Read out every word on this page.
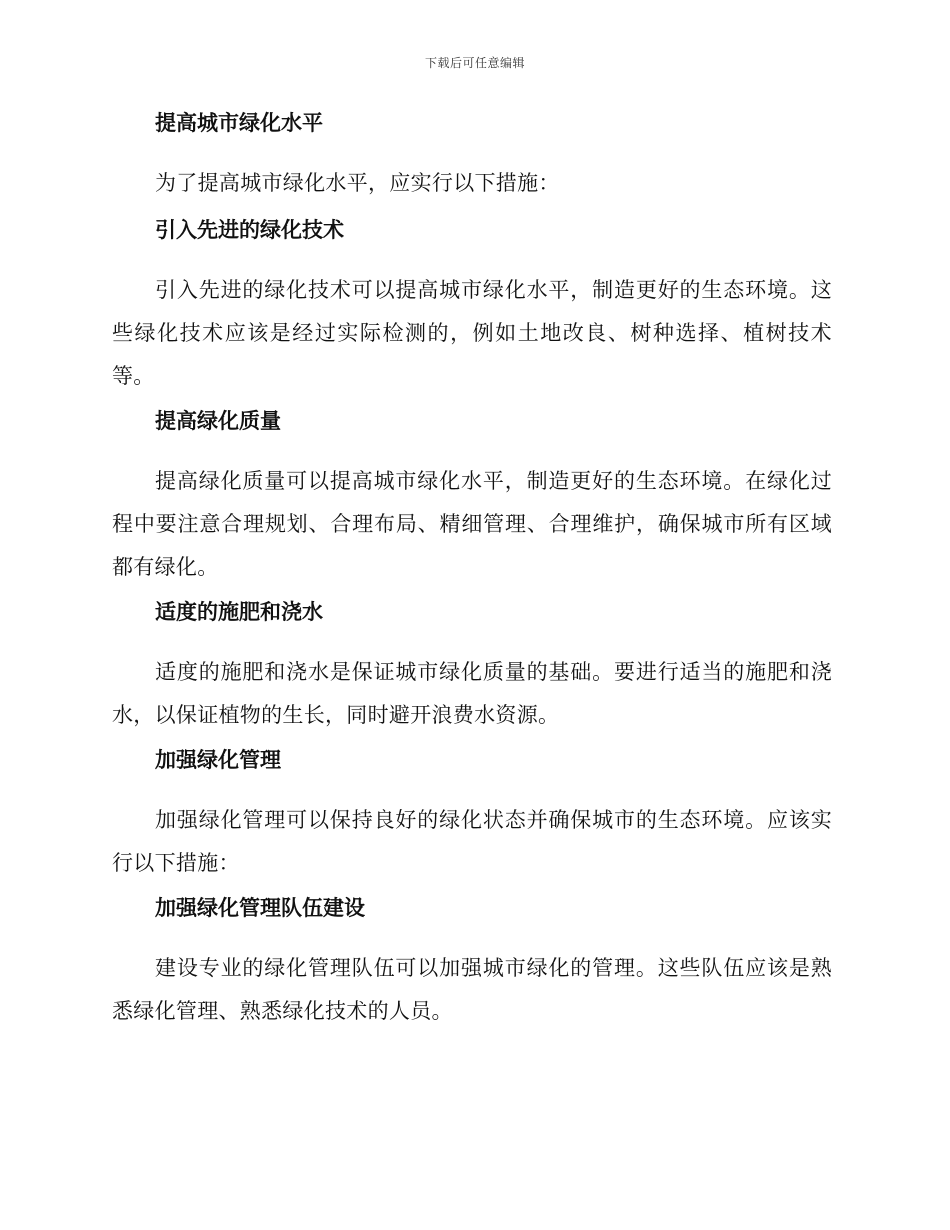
下载后可任意编辑
提高城市绿化水平

为了提高城市绿化水平，应实行以下措施：

引入先进的绿化技术

引入先进的绿化技术可以提高城市绿化水平，制造更好的生态环境。这些绿化技术应该是经过实际检测的，例如土地改良、树种选择、植树技术等。

提高绿化质量

提高绿化质量可以提高城市绿化水平，制造更好的生态环境。在绿化过程中要注意合理规划、合理布局、精细管理、合理维护，确保城市所有区域都有绿化。

适度的施肥和浇水

适度的施肥和浇水是保证城市绿化质量的基础。要进行适当的施肥和浇水，以保证植物的生长，同时避开浪费水资源。

加强绿化管理

加强绿化管理可以保持良好的绿化状态并确保城市的生态环境。应该实行以下措施：

加强绿化管理队伍建设

建设专业的绿化管理队伍可以加强城市绿化的管理。这些队伍应该是熟悉绿化管理、熟悉绿化技术的人员。
